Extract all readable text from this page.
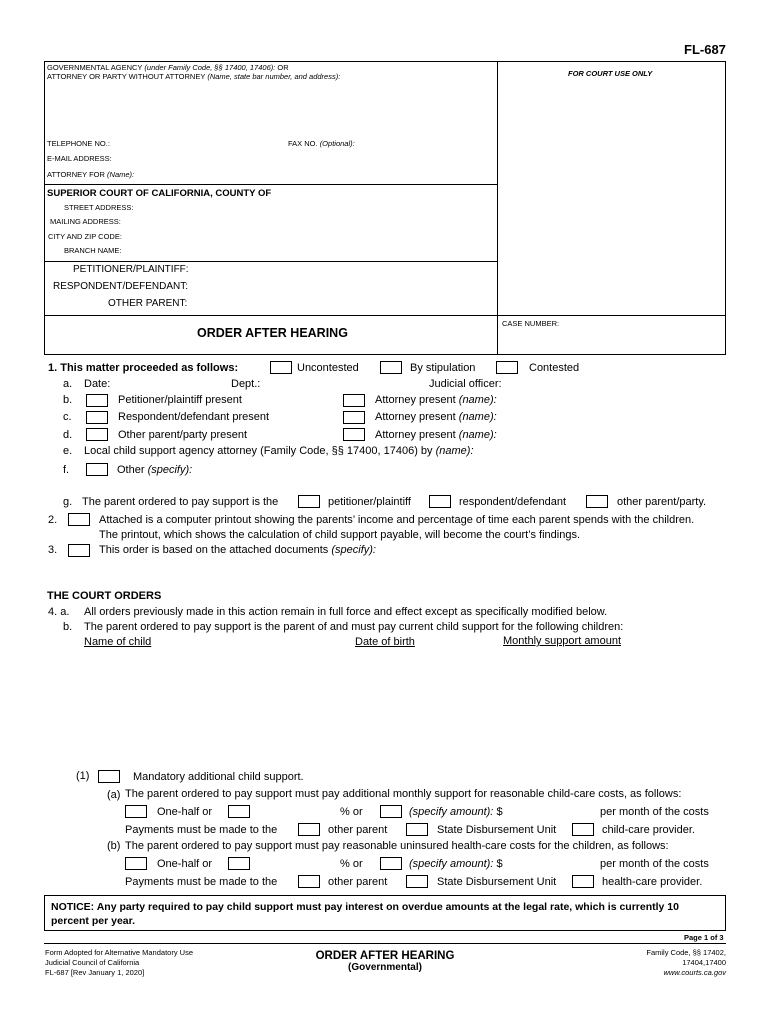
FL-687
GOVERNMENTAL AGENCY (under Family Code, §§ 17400, 17406): OR
ATTORNEY OR PARTY WITHOUT ATTORNEY (Name, state bar number, and address):	FOR COURT USE ONLY
TELEPHONE NO.:	FAX NO. (Optional):
E-MAIL ADDRESS:
ATTORNEY FOR (Name):
SUPERIOR COURT OF CALIFORNIA, COUNTY OF
STREET ADDRESS:
MAILING ADDRESS:
CITY AND ZIP CODE:
BRANCH NAME:
PETITIONER/PLAINTIFF:
RESPONDENT/DEFENDANT:
OTHER PARENT:
ORDER AFTER HEARING
CASE NUMBER:
1. This matter proceeded as follows:	Uncontested	By stipulation	Contested
a. Date:	Dept.:	Judicial officer:
b.	Petitioner/plaintiff present	Attorney present (name):
c.	Respondent/defendant present	Attorney present (name):
d.	Other parent/party present	Attorney present (name):
e. Local child support agency attorney (Family Code, §§ 17400, 17406) by (name):
f.	Other (specify):
g. The parent ordered to pay support is the	petitioner/plaintiff	respondent/defendant	other parent/party.
2.	Attached is a computer printout showing the parents’ income and percentage of time each parent spends with the children.
The printout, which shows the calculation of child support payable, will become the court’s findings.
3.	This order is based on the attached documents (specify):
THE COURT ORDERS
4. a. All orders previously made in this action remain in full force and effect except as specifically modified below.
b. The parent ordered to pay support is the parent of and must pay current child support for the following children:
Name of child	Date of birth	Monthly support amount
(1)	Mandatory additional child support.
(a) The parent ordered to pay support must pay additional monthly support for reasonable child-care costs, as follows:
One-half or	% or	(specify amount): $	per month of the costs
Payments must be made to the	other parent	State Disbursement Unit	child-care provider.
(b) The parent ordered to pay support must pay reasonable uninsured health-care costs for the children, as follows:
One-half or	% or	(specify amount): $	per month of the costs
Payments must be made to the	other parent	State Disbursement Unit	health-care provider.
NOTICE: Any party required to pay child support must pay interest on overdue amounts at the legal rate, which is currently 10 percent per year.
Page 1 of 3
Form Adopted for Alternative Mandatory Use
Judicial Council of California
FL-687 [Rev January 1, 2020]
ORDER AFTER HEARING
(Governmental)
Family Code, §§ 17402,
17404,17400
www.courts.ca.gov
